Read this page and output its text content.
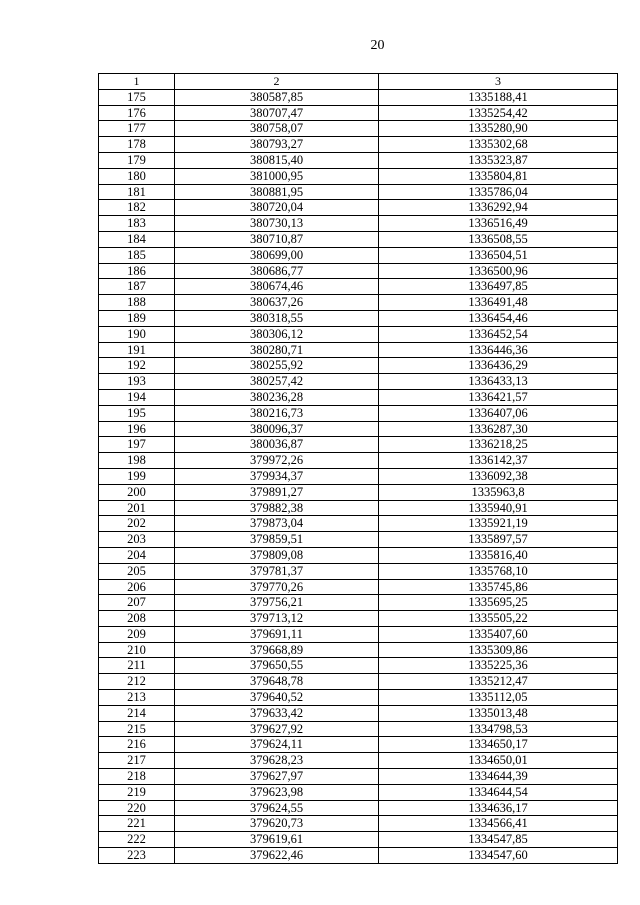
20
1	2	3
175	380587,85	1335188,41
176	380707,47	1335254,42
177	380758,07	1335280,90
178	380793,27	1335302,68
179	380815,40	1335323,87
180	381000,95	1335804,81
181	380881,95	1335786,04
182	380720,04	1336292,94
183	380730,13	1336516,49
184	380710,87	1336508,55
185	380699,00	1336504,51
186	380686,77	1336500,96
187	380674,46	1336497,85
188	380637,26	1336491,48
189	380318,55	1336454,46
190	380306,12	1336452,54
191	380280,71	1336446,36
192	380255,92	1336436,29
193	380257,42	1336433,13
194	380236,28	1336421,57
195	380216,73	1336407,06
196	380096,37	1336287,30
197	380036,87	1336218,25
198	379972,26	1336142,37
199	379934,37	1336092,38
200	379891,27	1335963,8
201	379882,38	1335940,91
202	379873,04	1335921,19
203	379859,51	1335897,57
204	379809,08	1335816,40
205	379781,37	1335768,10
206	379770,26	1335745,86
207	379756,21	1335695,25
208	379713,12	1335505,22
209	379691,11	1335407,60
210	379668,89	1335309,86
211	379650,55	1335225,36
212	379648,78	1335212,47
213	379640,52	1335112,05
214	379633,42	1335013,48
215	379627,92	1334798,53
216	379624,11	1334650,17
217	379628,23	1334650,01
218	379627,97	1334644,39
219	379623,98	1334644,54
220	379624,55	1334636,17
221	379620,73	1334566,41
222	379619,61	1334547,85
223	379622,46	1334547,60
